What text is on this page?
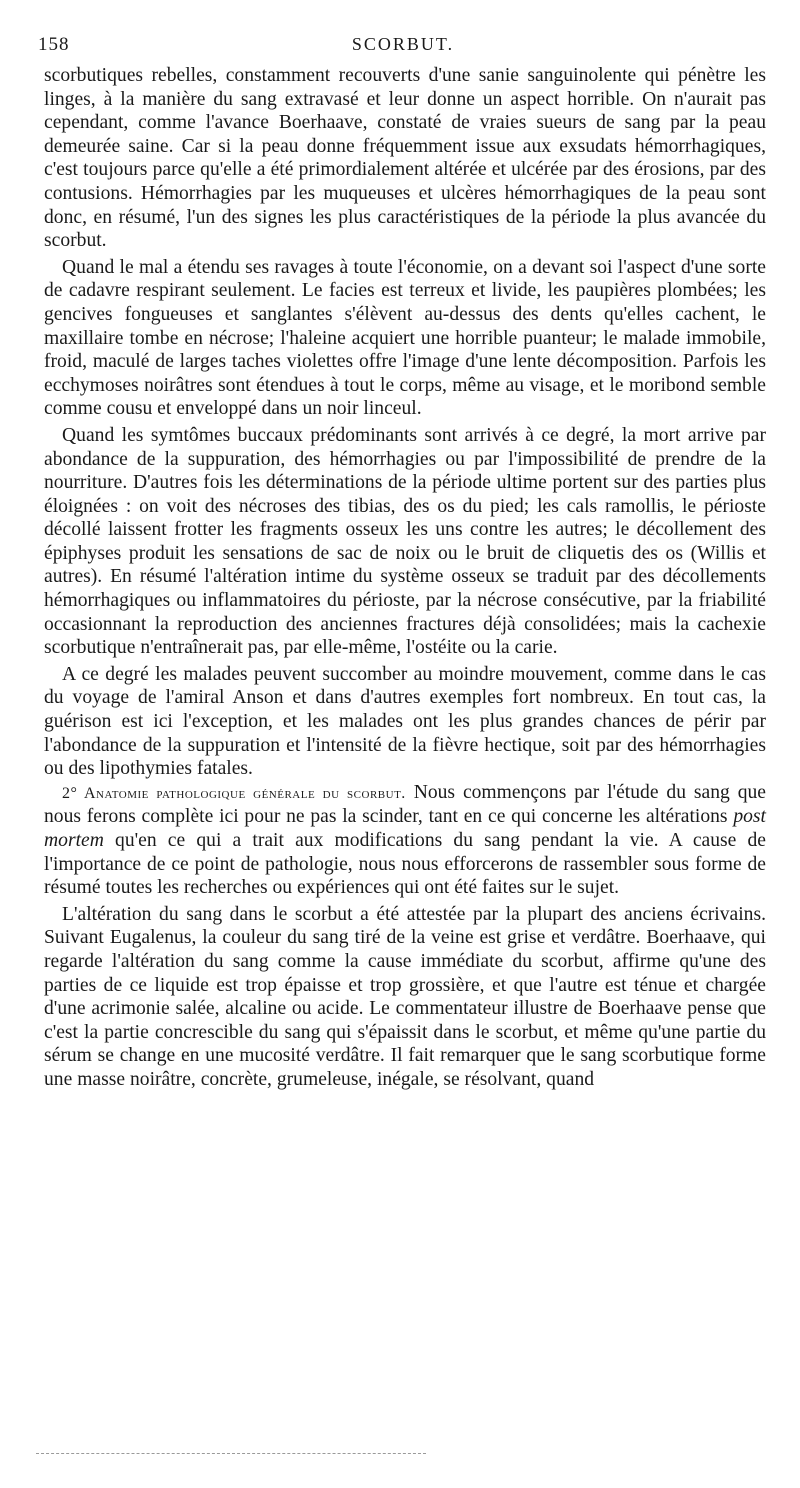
158	SCORBUT.

scorbutiques rebelles, constamment recouverts d'une sanie sanguinolente qui pénètre les linges, à la manière du sang extravasé et leur donne un aspect horrible. On n'aurait pas cependant, comme l'avance Boerhaave, constaté de vraies sueurs de sang par la peau demeurée saine. Car si la peau donne fréquemment issue aux exsudats hémorrhagiques, c'est toujours parce qu'elle a été primordialement altérée et ulcérée par des érosions, par des contusions. Hémorrhagies par les muqueuses et ulcères hémorrhagiques de la peau sont donc, en résumé, l'un des signes les plus caractéristiques de la période la plus avancée du scorbut.

Quand le mal a étendu ses ravages à toute l'économie, on a devant soi l'aspect d'une sorte de cadavre respirant seulement. Le facies est terreux et livide, les paupières plombées; les gencives fongueuses et sanglantes s'élèvent au-dessus des dents qu'elles cachent, le maxillaire tombe en nécrose; l'haleine acquiert une horrible puanteur; le malade immobile, froid, maculé de larges taches violettes offre l'image d'une lente décomposition. Parfois les ecchymoses noirâtres sont étendues à tout le corps, même au visage, et le moribond semble comme cousu et enveloppé dans un noir linceul.

Quand les symtômes buccaux prédominants sont arrivés à ce degré, la mort arrive par abondance de la suppuration, des hémorrhagies ou par l'impossibilité de prendre de la nourriture. D'autres fois les déterminations de la période ultime portent sur des parties plus éloignées : on voit des nécroses des tibias, des os du pied; les cals ramollis, le périoste décollé laissent frotter les fragments osseux les uns contre les autres; le décollement des épiphyses produit les sensations de sac de noix ou le bruit de cliquetis des os (Willis et autres). En résumé l'altération intime du système osseux se traduit par des décollements hémorrhagiques ou inflammatoires du périoste, par la nécrose consécutive, par la friabilité occasionnant la reproduction des anciennes fractures déjà consolidées; mais la cachexie scorbutique n'entraînerait pas, par elle-même, l'ostéite ou la carie.

A ce degré les malades peuvent succomber au moindre mouvement, comme dans le cas du voyage de l'amiral Anson et dans d'autres exemples fort nombreux. En tout cas, la guérison est ici l'exception, et les malades ont les plus grandes chances de périr par l'abondance de la suppuration et l'intensité de la fièvre hectique, soit par des hémorrhagies ou des lipothymies fatales.

2° Anatomie pathologique générale du scorbut. Nous commençons par l'étude du sang que nous ferons complète ici pour ne pas la scinder, tant en ce qui concerne les altérations post mortem qu'en ce qui a trait aux modifications du sang pendant la vie. A cause de l'importance de ce point de pathologie, nous nous efforcerons de rassembler sous forme de résumé toutes les recherches ou expériences qui ont été faites sur le sujet.

L'altération du sang dans le scorbut a été attestée par la plupart des anciens écrivains. Suivant Eugalenus, la couleur du sang tiré de la veine est grise et verdâtre. Boerhaave, qui regarde l'altération du sang comme la cause immédiate du scorbut, affirme qu'une des parties de ce liquide est trop épaisse et trop grossière, et que l'autre est ténue et chargée d'une acrimonie salée, alcaline ou acide. Le commentateur illustre de Boerhaave pense que c'est la partie concrescible du sang qui s'épaissit dans le scorbut, et même qu'une partie du sérum se change en une mucosité verdâtre. Il fait remarquer que le sang scorbutique forme une masse noirâtre, concrète, grumeleuse, inégale, se résolvant, quand
